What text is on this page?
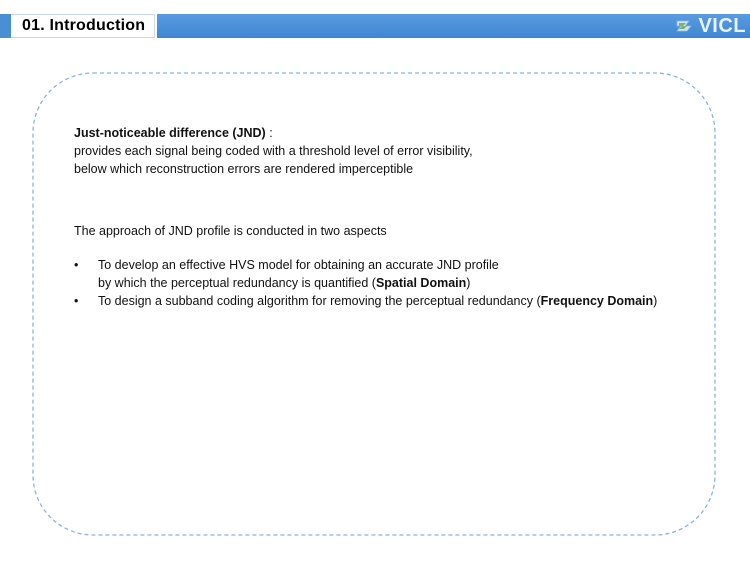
01. Introduction	VICL
Just-noticeable difference (JND) :
provides each signal being coded with a threshold level of error visibility,
below which reconstruction errors are rendered imperceptible
The approach of JND profile is conducted in two aspects
• To develop an effective HVS model for obtaining an accurate JND profile
by which the perceptual redundancy is quantified (Spatial Domain)
• To design a subband coding algorithm for removing the perceptual redundancy (Frequency Domain)
